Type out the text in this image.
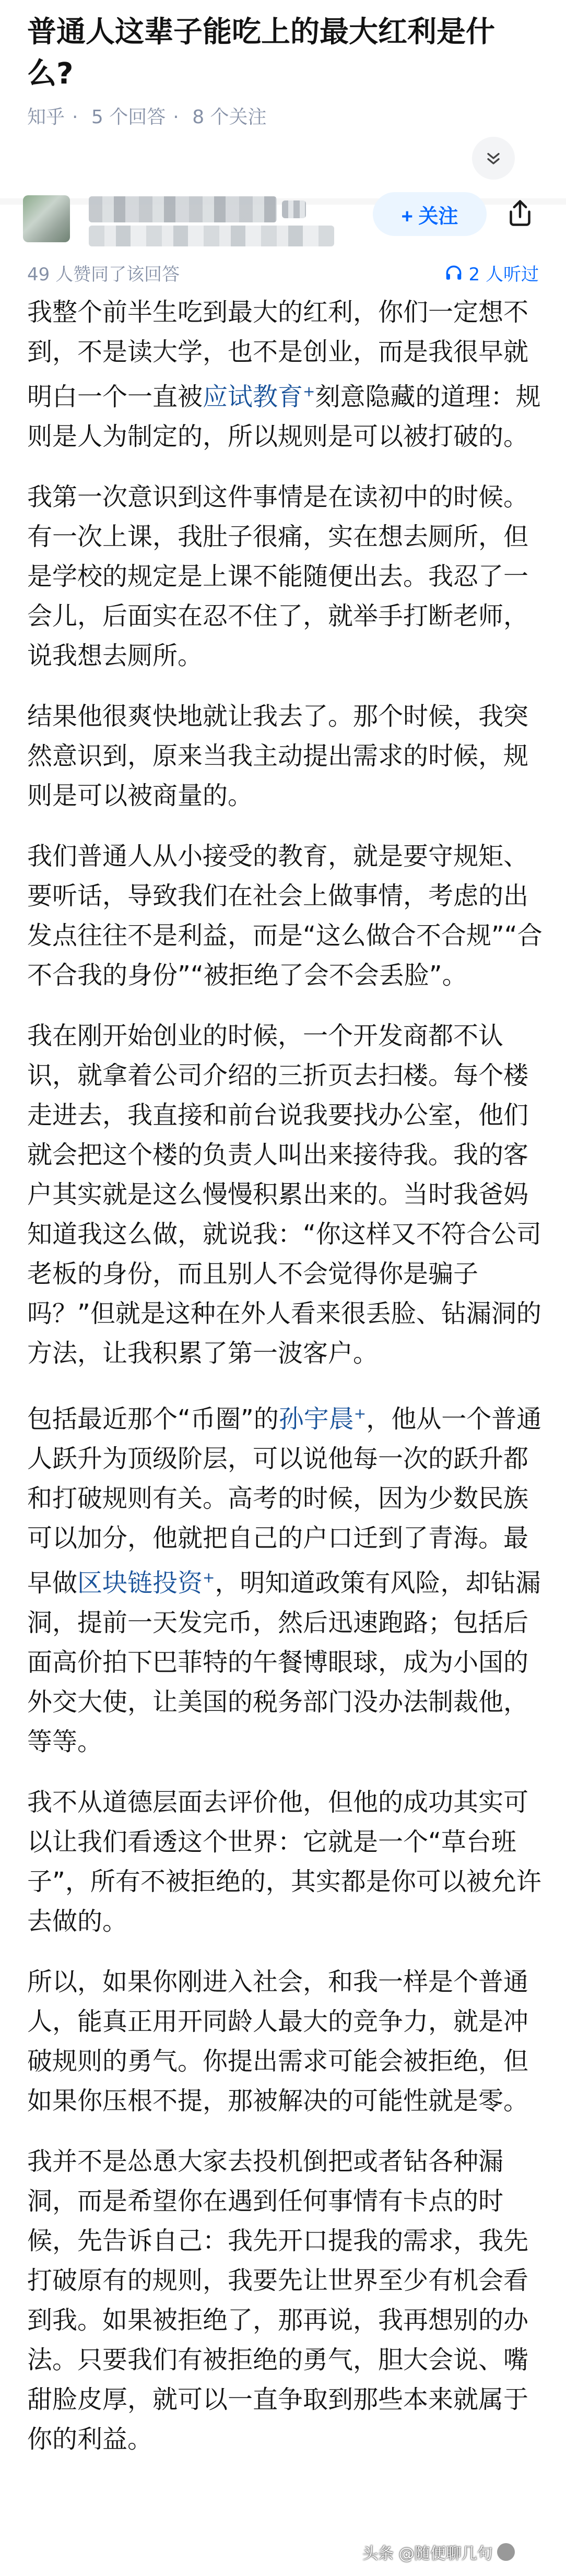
普通人这辈子能吃上的最大红利是什么?
知乎 · 5 个回答 · 8 个关注
+ 关注
49 人赞同了该回答	2 人听过

我整个前半生吃到最大的红利，你们一定想不到，不是读大学，也不是创业，而是我很早就明白一个一直被应试教育+刻意隐藏的道理：规则是人为制定的，所以规则是可以被打破的。

我第一次意识到这件事情是在读初中的时候。有一次上课，我肚子很痛，实在想去厕所，但是学校的规定是上课不能随便出去。我忍了一会儿，后面实在忍不住了，就举手打断老师，说我想去厕所。

结果他很爽快地就让我去了。那个时候，我突然意识到，原来当我主动提出需求的时候，规则是可以被商量的。

我们普通人从小接受的教育，就是要守规矩、要听话，导致我们在社会上做事情，考虑的出发点往往不是利益，而是“这么做合不合规”“合不合我的身份”“被拒绝了会不会丢脸”。

我在刚开始创业的时候，一个开发商都不认识，就拿着公司介绍的三折页去扫楼。每个楼走进去，我直接和前台说我要找办公室，他们就会把这个楼的负责人叫出来接待我。我的客户其实就是这么慢慢积累出来的。当时我爸妈知道我这么做，就说我：“你这样又不符合公司老板的身份，而且别人不会觉得你是骗子吗？”但就是这种在外人看来很丢脸、钻漏洞的方法，让我积累了第一波客户。

包括最近那个“币圈”的孙宇晨+，他从一个普通人跃升为顶级阶层，可以说他每一次的跃升都和打破规则有关。高考的时候，因为少数民族可以加分，他就把自己的户口迁到了青海。最早做区块链投资+，明知道政策有风险，却钻漏洞，提前一天发完币，然后迅速跑路；包括后面高价拍下巴菲特的午餐博眼球，成为小国的外交大使，让美国的税务部门没办法制裁他，等等。

我不从道德层面去评价他，但他的成功其实可以让我们看透这个世界：它就是一个“草台班子”，所有不被拒绝的，其实都是你可以被允许去做的。

所以，如果你刚进入社会，和我一样是个普通人，能真正用开同龄人最大的竞争力，就是冲破规则的勇气。你提出需求可能会被拒绝，但如果你压根不提，那被解决的可能性就是零。

我并不是怂恿大家去投机倒把或者钻各种漏洞，而是希望你在遇到任何事情有卡点的时候，先告诉自己：我先开口提我的需求，我先打破原有的规则，我要先让世界至少有机会看到我。如果被拒绝了，那再说，我再想别的办法。只要我们有被拒绝的勇气，胆大会说、嘴甜脸皮厚，就可以一直争取到那些本来就属于你的利益。

头条 @随便聊几句
